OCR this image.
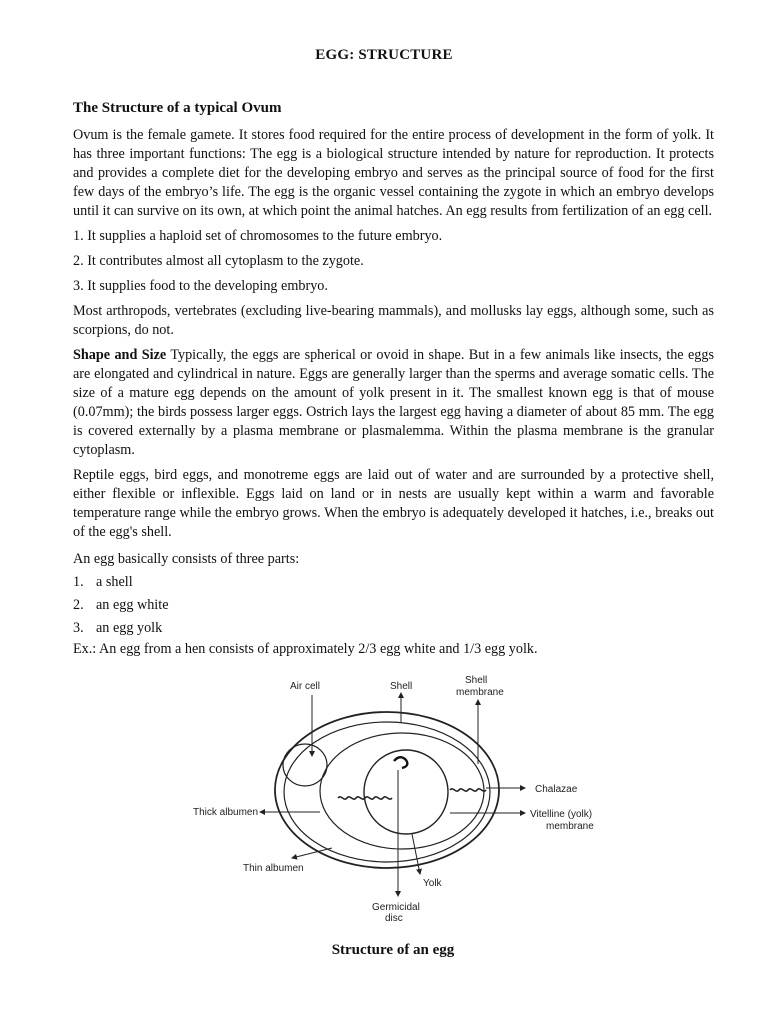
EGG: STRUCTURE
The Structure of a typical Ovum

Ovum is the female gamete. It stores food required for the entire process of development in the form of yolk. It has three important functions: The egg is a biological structure intended by nature for reproduction. It protects and provides a complete diet for the developing embryo and serves as the principal source of food for the first few days of the embryo’s life. The egg is the organic vessel containing the zygote in which an embryo develops until it can survive on its own, at which point the animal hatches. An egg results from fertilization of an egg cell.

1. It supplies a haploid set of chromosomes to the future embryo.
2. It contributes almost all cytoplasm to the zygote.
3. It supplies food to the developing embryo.

Most arthropods, vertebrates (excluding live-bearing mammals), and mollusks lay eggs, although some, such as scorpions, do not.

Shape and Size Typically, the eggs are spherical or ovoid in shape. But in a few animals like insects, the eggs are elongated and cylindrical in nature. Eggs are generally larger than the sperms and average somatic cells. The size of a mature egg depends on the amount of yolk present in it. The smallest known egg is that of mouse (0.07mm); the birds possess larger eggs. Ostrich lays the largest egg having a diameter of about 85 mm. The egg is covered externally by a plasma membrane or plasmalemma. Within the plasma membrane is the granular cytoplasm.

Reptile eggs, bird eggs, and monotreme eggs are laid out of water and are surrounded by a protective shell, either flexible or inflexible. Eggs laid on land or in nests are usually kept within a warm and favorable temperature range while the embryo grows. When the embryo is adequately developed it hatches, i.e., breaks out of the egg's shell.

An egg basically consists of three parts:
1. a shell
2. an egg white
3. an egg yolk
Ex.: An egg from a hen consists of approximately 2/3 egg white and 1/3 egg yolk.
Air cell	Shell
Shell
membrane
Chalazae
Thick albumen	Vitelline (yolk)
membrane
Thin albumen
Yolk
Germicidal
disc
Structure of an egg
